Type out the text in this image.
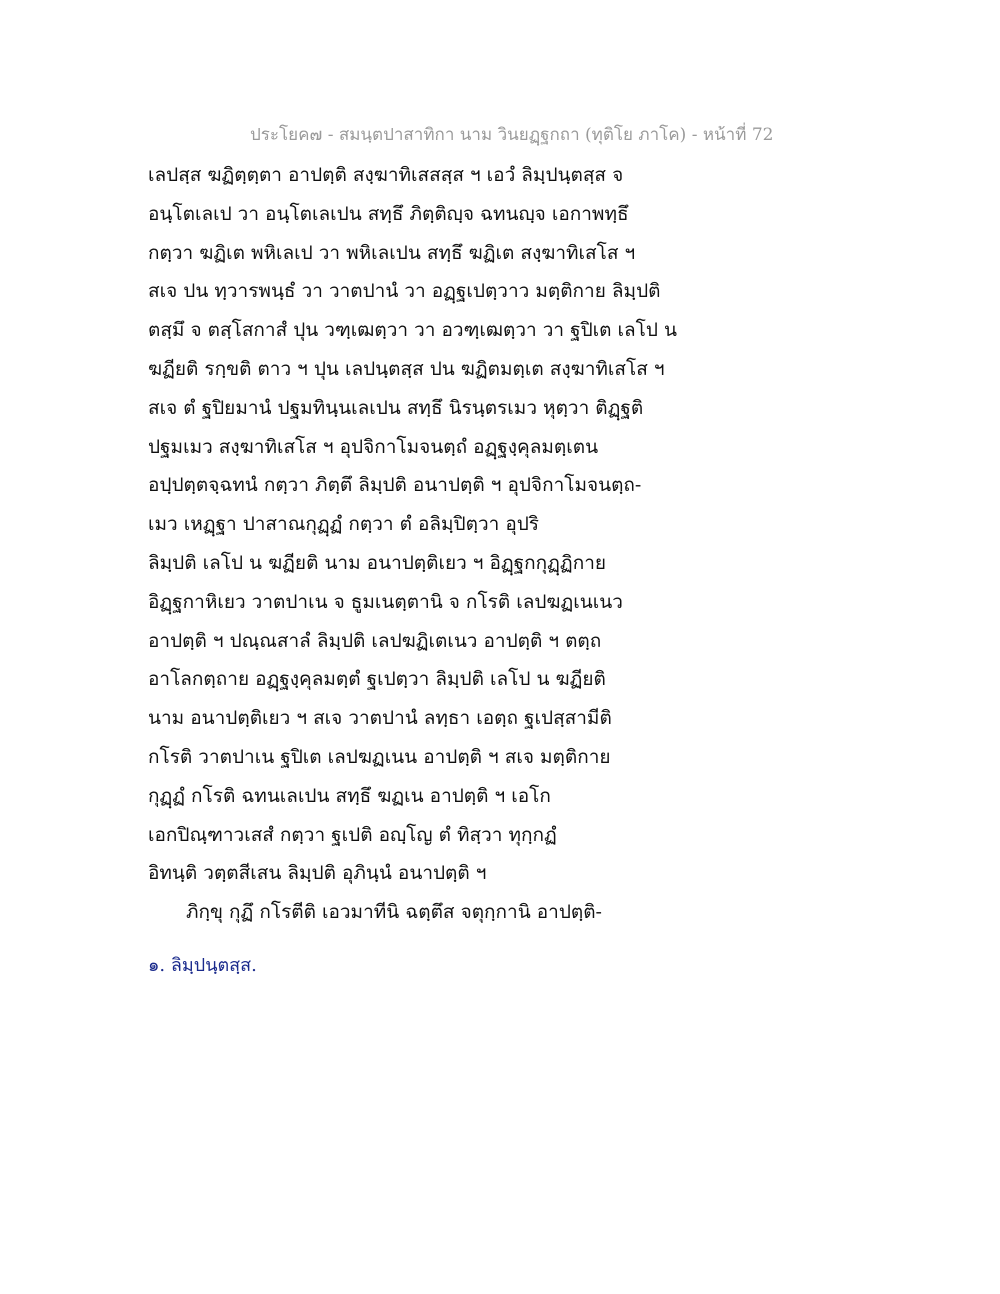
ประโยค๗ - สมนฺตปาสาทิกา นาม วินยฏฺฐกถา (ทุติโย ภาโค) - หน้าที่ 72
เลปสฺส ฆฏิตฺตฺตา อาปตฺติ สงฺฆาทิเสสสฺส ฯ เอวํ ลิมฺปนฺตสฺส จ
อนฺโตเลเป วา อนฺโตเลเปน สทฺธึ ภิตฺติญฺจ ฉทนญฺจ เอกาพทฺธึ
กตฺวา ฆฏิเต พหิเลเป วา พหิเลเปน สทฺธึ ฆฏิเต สงฺฆาทิเสโส ฯ
สเจ ปน ทฺวารพนฺธํ วา วาตปานํ วา อฏฺฐเปตฺวาว มตฺติกาย ลิมฺปติ
ตสฺมึ จ ตสฺโสกาสํ ปุน วฑฺเฒตฺวา วา อวฑฺเฒตฺวา วา ฐปิเต เลโป น
ฆฏียติ รกฺขติ ตาว ฯ ปุน เลปนฺตสฺส ปน ฆฏิตมตฺเต สงฺฆาทิเสโส ฯ
สเจ ตํ ฐปิยมานํ ปฐมทินฺนเลเปน สทฺธึ นิรนฺตรเมว หุตฺวา ติฏฺฐติ
ปฐมเมว สงฺฆาทิเสโส ฯ อุปจิกาโมจนตฺถํ อฏฺฐงฺคุลมตฺเตน
อปฺปตฺตจฺฉทนํ กตฺวา ภิตฺตึ ลิมฺปติ อนาปตฺติ ฯ อุปจิกาโมจนตฺถ-
เมว เหฏฺฐา ปาสาณกุฏฺฏํ กตฺวา ตํ อลิมฺปิตฺวา อุปริ
ลิมฺปติ เลโป น ฆฏียติ นาม อนาปตฺติเยว ฯ อิฏฺฐกกุฏฺฏิกาย
อิฏฺฐกาหิเยว วาตปาเน จ ธูมเนตฺตานิ จ กโรติ เลปฆฏเนเนว
อาปตฺติ ฯ ปณฺณสาลํ ลิมฺปติ เลปฆฏิเตเนว อาปตฺติ ฯ ตตฺถ
อาโลกตฺถาย อฏฺฐงฺคุลมตฺตํ ฐเปตฺวา ลิมฺปติ เลโป น ฆฏียติ
นาม อนาปตฺติเยว ฯ สเจ วาตปานํ ลทฺธา เอตฺถ ฐเปสฺสามีติ
กโรติ วาตปาเน ฐปิเต เลปฆฏเนน อาปตฺติ ฯ สเจ มตฺติกาย
กุฏฺฏํ กโรติ ฉทนเลเปน สทฺธึ ฆฏเน อาปตฺติ ฯ เอโก
เอกปิณฺฑาวเสสํ กตฺวา ฐเปติ อญฺโญ ตํ ทิสฺวา ทุกฺกฏํ
อิทนฺติ วตฺตสีเสน ลิมฺปติ อุภินฺนํ อนาปตฺติ ฯ
ภิกฺขุ กุฏึ กโรตีติ เอวมาทีนิ ฉตฺตึส จตุกฺกานิ อาปตฺติ-
๑. ลิมฺปนฺตสฺส.
